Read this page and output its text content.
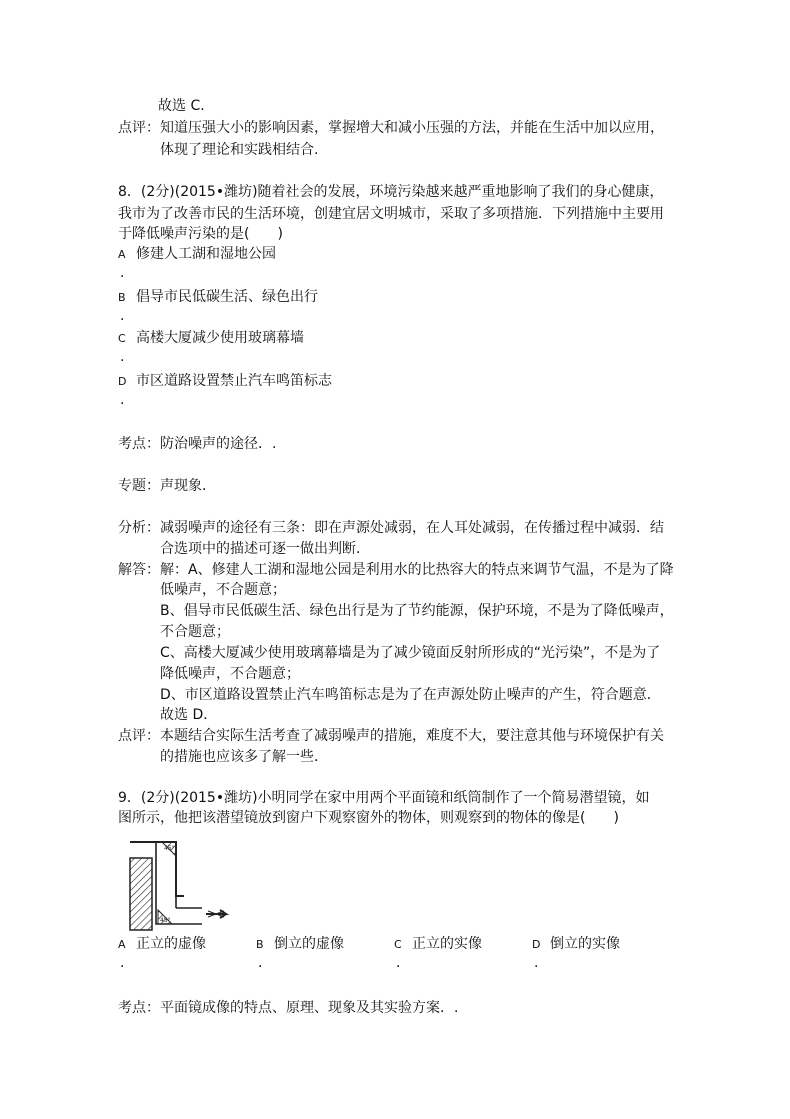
故选 C.
点评： 知道压强大小的影响因素，掌握增大和减小压强的方法，并能在生活中加以应用，
体现了理论和实践相结合.
8．(2分)(2015•潍坊)随着社会的发展，环境污染越来越严重地影响了我们的身心健康，
我市为了改善市民的生活环境，创建宜居文明城市，采取了多项措施．下列措施中主要用
于降低噪声污染的是(　　)
A 修建人工湖和湿地公园
.
B 倡导市民低碳生活、绿色出行
.
C 高楼大厦减少使用玻璃幕墙
.
D 市区道路设置禁止汽车鸣笛标志
.
考点： 防治噪声的途径．.
专题： 声现象．
分析： 减弱噪声的途径有三条：即在声源处减弱，在人耳处减弱，在传播过程中减弱．结
合选项中的描述可逐一做出判断．
解答： 解：A、修建人工湖和湿地公园是利用水的比热容大的特点来调节气温，不是为了降
低噪声，不合题意；
B、倡导市民低碳生活、绿色出行是为了节约能源，保护环境，不是为了降低噪声，
不合题意；
C、高楼大厦减少使用玻璃幕墙是为了减少镜面反射所形成的“光污染”，不是为了
降低噪声，不合题意；
D、市区道路设置禁止汽车鸣笛标志是为了在声源处防止噪声的产生，符合题意．
故选 D．
点评： 本题结合实际生活考查了减弱噪声的措施，难度不大，要注意其他与环境保护有关
的措施也应该多了解一些．
9．(2分)(2015•潍坊)小明同学在家中用两个平面镜和纸筒制作了一个简易潜望镜，如
图所示，他把该潜望镜放到窗户下观察窗外的物体，则观察到的物体的像是(　　)
45°
45°
A 正立的虚像
.
B 倒立的虚像
.
C 正立的实像
.
D 倒立的实像
.
考点： 平面镜成像的特点、原理、现象及其实验方案．.
